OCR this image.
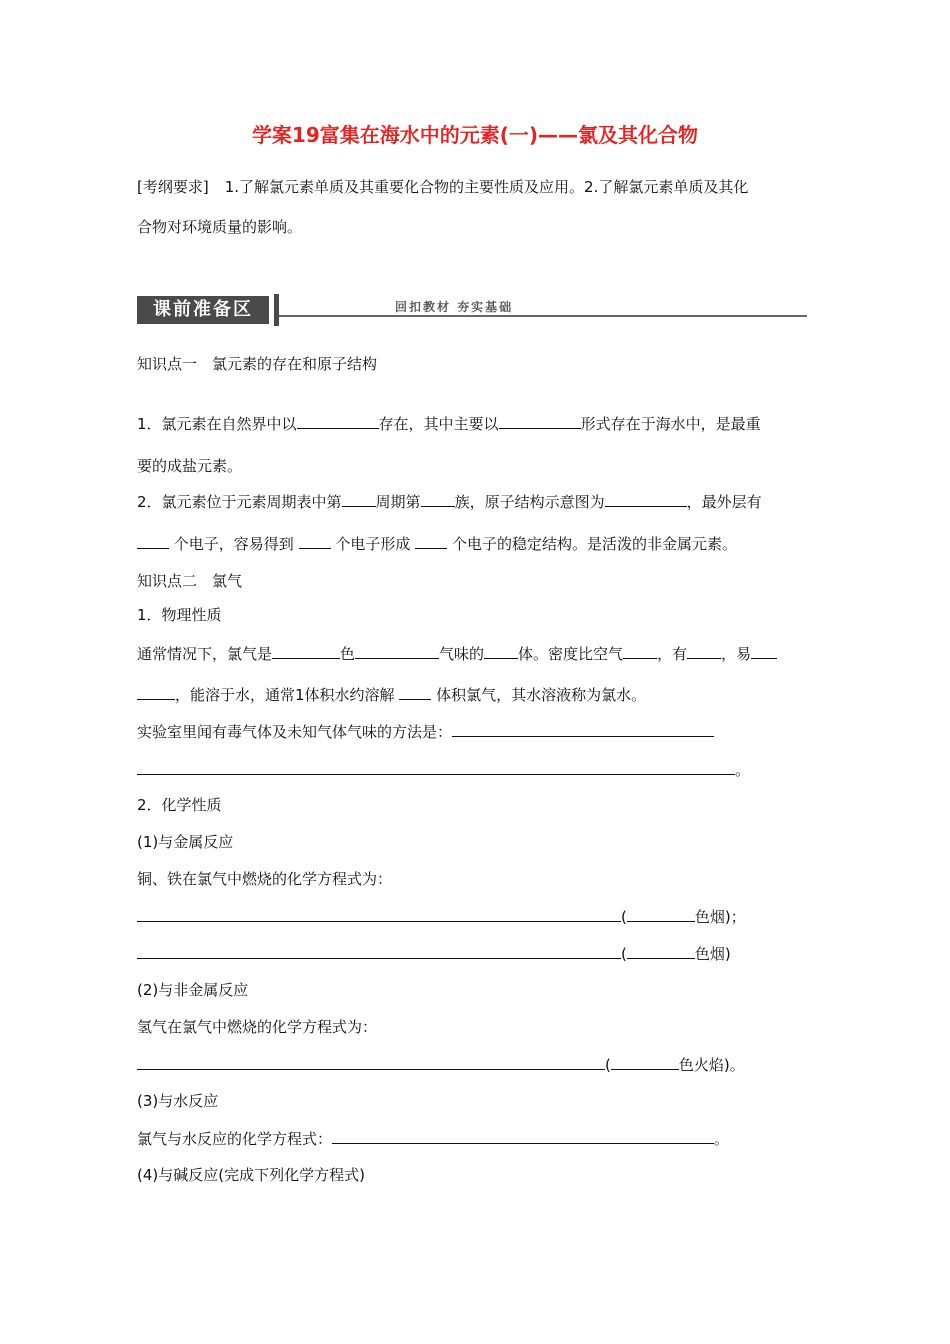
学案19富集在海水中的元素(一)——氯及其化合物
[考纲要求] 1.了解氯元素单质及其重要化合物的主要性质及应用。2.了解氯元素单质及其化
合物对环境质量的影响。
课前准备区	回扣教材 夯实基础
知识点一　氯元素的存在和原子结构
1．氯元素在自然界中以	存在，其中主要以	形式存在于海水中，是最重
要的成盐元素。
2．氯元素位于元素周期表中第 周期第 族，原子结构示意图为	，最外层有
个电子，容易得到	个电子形成	个电子的稳定结构。是活泼的非金属元素。
知识点二　氯气
1．物理性质
通常情况下，氯气是	色	气味的 体。密度比空气 ，有 ，易
，能溶于水，通常1体积水约溶解	体积氯气，其水溶液称为氯水。
实验室里闻有毒气体及未知气体气味的方法是：
。
2．化学性质
(1)与金属反应
铜、铁在氯气中燃烧的化学方程式为：
(	色烟)；
(	色烟)
(2)与非金属反应
氢气在氯气中燃烧的化学方程式为：
(	色火焰)。
(3)与水反应
氯气与水反应的化学方程式：	。
(4)与碱反应(完成下列化学方程式)
